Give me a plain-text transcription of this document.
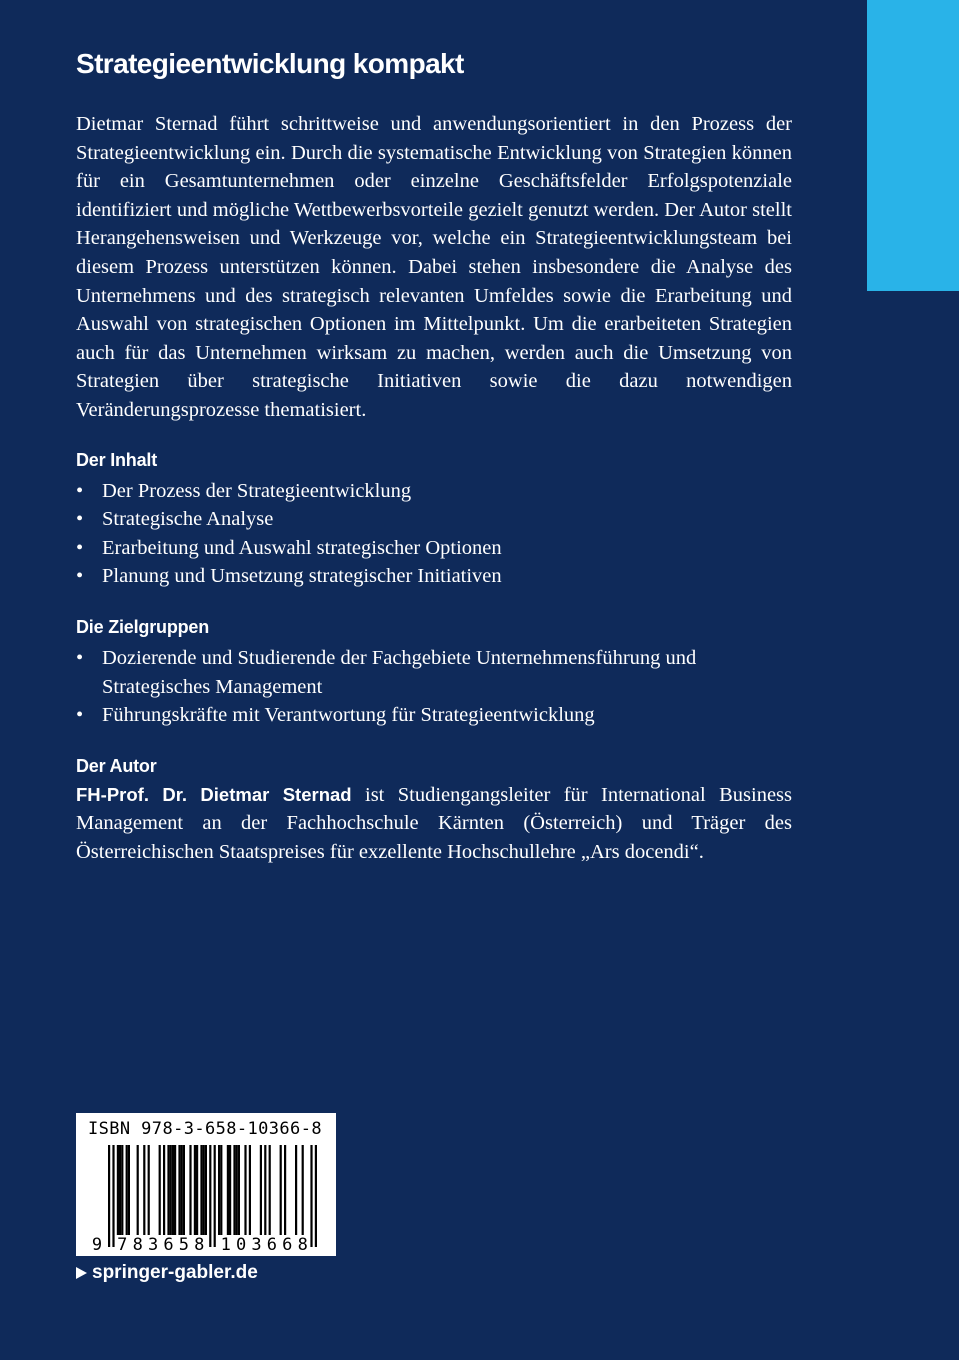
Strategieentwicklung kompakt

Dietmar Sternad führt schrittweise und anwendungsorientiert in den Prozess der Strategieentwicklung ein. Durch die systematische Entwicklung von Strategien können für ein Gesamtunternehmen oder einzelne Geschäftsfelder Erfolgspotenziale identifiziert und mögliche Wettbewerbsvorteile gezielt genutzt werden. Der Autor stellt Herangehensweisen und Werkzeuge vor, welche ein Strategieentwicklungsteam bei diesem Prozess unterstützen können. Dabei stehen insbesondere die Analyse des Unternehmens und des strategisch relevanten Umfeldes sowie die Erarbeitung und Auswahl von strategischen Optionen im Mittelpunkt. Um die erarbeiteten Strategien auch für das Unternehmen wirksam zu machen, werden auch die Umsetzung von Strategien über strategische Initiativen sowie die dazu notwendigen Veränderungsprozesse thematisiert.

Der Inhalt
• Der Prozess der Strategieentwicklung
• Strategische Analyse
• Erarbeitung und Auswahl strategischer Optionen
• Planung und Umsetzung strategischer Initiativen
Die Zielgruppen
• Dozierende und Studierende der Fachgebiete Unternehmensführung und Strategisches Management
• Führungskräfte mit Verantwortung für Strategieentwicklung
Der Autor

FH-Prof. Dr. Dietmar Sternad ist Studiengangsleiter für International Business Management an der Fachhochschule Kärnten (Österreich) und Träger des Österreichischen Staatspreises für exzellente Hochschullehre „Ars docendi“.

ISBN 978-3-658-10366-8
9 7 8 3 6 5 8 1 0 3 6 6 8
springer-gabler.de
